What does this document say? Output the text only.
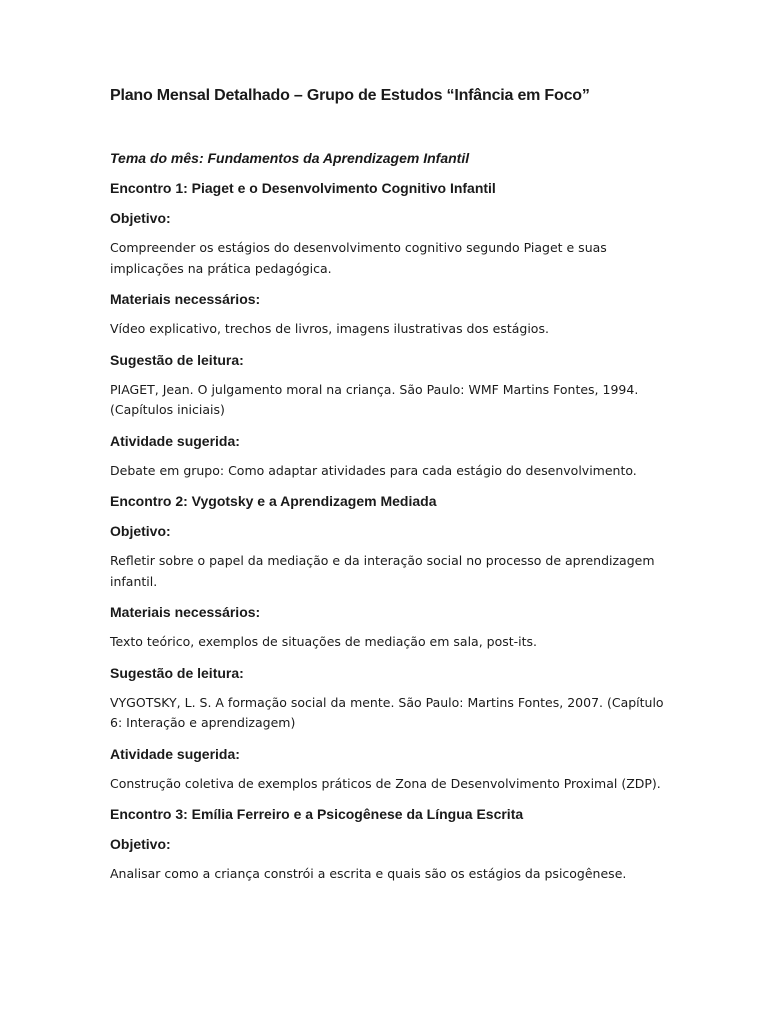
Plano Mensal Detalhado – Grupo de Estudos “Infância em Foco”

Tema do mês: Fundamentos da Aprendizagem Infantil

Encontro 1: Piaget e o Desenvolvimento Cognitivo Infantil

Objetivo:

Compreender os estágios do desenvolvimento cognitivo segundo Piaget e suas implicações na prática pedagógica.

Materiais necessários:

Vídeo explicativo, trechos de livros, imagens ilustrativas dos estágios.

Sugestão de leitura:

PIAGET, Jean. O julgamento moral na criança. São Paulo: WMF Martins Fontes, 1994. (Capítulos iniciais)

Atividade sugerida:

Debate em grupo: Como adaptar atividades para cada estágio do desenvolvimento.

Encontro 2: Vygotsky e a Aprendizagem Mediada

Objetivo:

Refletir sobre o papel da mediação e da interação social no processo de aprendizagem infantil.

Materiais necessários:

Texto teórico, exemplos de situações de mediação em sala, post-its.

Sugestão de leitura:

VYGOTSKY, L. S. A formação social da mente. São Paulo: Martins Fontes, 2007. (Capítulo 6: Interação e aprendizagem)

Atividade sugerida:

Construção coletiva de exemplos práticos de Zona de Desenvolvimento Proximal (ZDP).

Encontro 3: Emília Ferreiro e a Psicogênese da Língua Escrita

Objetivo:

Analisar como a criança constrói a escrita e quais são os estágios da psicogênese.
